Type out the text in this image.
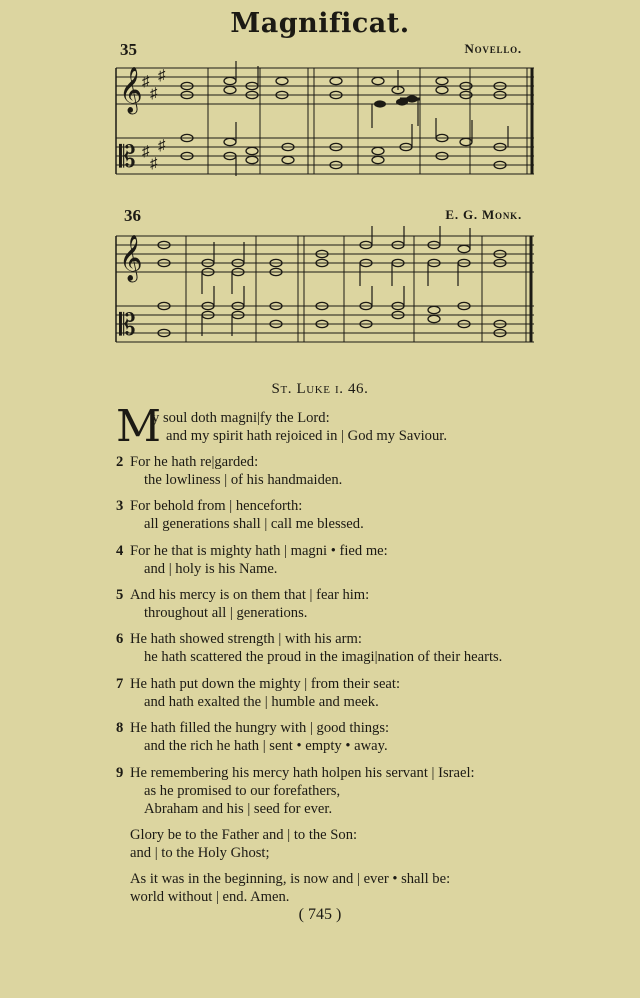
Magnificat.
35	Novello.
𝄞
𝄡
♯
♯
♯
♯
♯
♯
36	E. G. Monk.
𝄞
𝄡
St. Luke i. 46.
M
y soul doth magni|fy the Lord:
and my spirit hath rejoiced in | God my Saviour.
2 For he hath re|garded:
the lowliness | of his handmaiden.
3 For behold from | henceforth:
all generations shall | call me blessed.
4 For he that is mighty hath | magni • fied me:
and | holy is his Name.
5 And his mercy is on them that | fear him:
throughout all | generations.
6 He hath showed strength | with his arm:
he hath scattered the proud in the imagi|nation of their hearts.
7 He hath put down the mighty | from their seat:
and hath exalted the | humble and meek.
8 He hath filled the hungry with | good things:
and the rich he hath | sent • empty • away.
9 He remembering his mercy hath holpen his servant | Israel:
as he promised to our forefathers,
Abraham and his | seed for ever.
Glory be to the Father and | to the Son:
and | to the Holy Ghost;
As it was in the beginning, is now and | ever • shall be:
world without | end. Amen.
( 745 )
